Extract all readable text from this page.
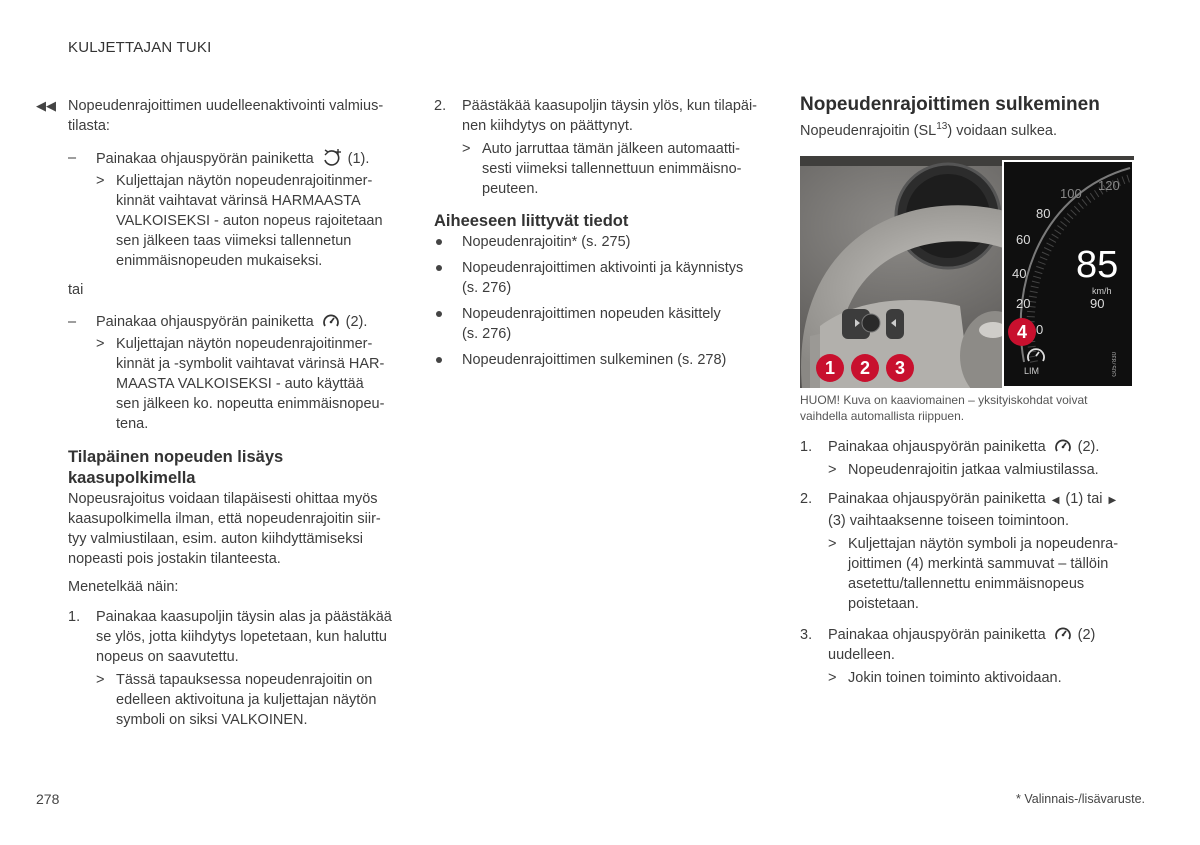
KULJETTAJAN TUKI
◀◀ Nopeudenrajoittimen uudelleenaktivointi valmius-
tilasta:
– Painakaa ohjauspyörän painiketta (1).
> Kuljettajan näytön nopeudenrajoitinmer-
kinnät vaihtavat värinsä HARMAASTA
VALKOISEKSI - auton nopeus rajoitetaan
sen jälkeen taas viimeksi tallennetun
enimmäisnopeuden mukaiseksi.
tai
– Painakaa ohjauspyörän painiketta (2).
> Kuljettajan näytön nopeudenrajoitinmer-
kinnät ja -symbolit vaihtavat värinsä HAR-
MAASTA VALKOISEKSI - auto käyttää
sen jälkeen ko. nopeutta enimmäisnopeu-
tena.
Tilapäinen nopeuden lisäys
kaasupolkimella
Nopeusrajoitus voidaan tilapäisesti ohittaa myös
kaasupolkimella ilman, että nopeudenrajoitin siir-
tyy valmiustilaan, esim. auton kiihdyttämiseksi
nopeasti pois jostakin tilanteesta.
Menetelkää näin:
1. Painakaa kaasupoljin täysin alas ja päästäkää
se ylös, jotta kiihdytys lopetetaan, kun haluttu
nopeus on saavutettu.
> Tässä tapauksessa nopeudenrajoitin on
edelleen aktivoituna ja kuljettajan näytön
symboli on siksi VALKOINEN.
2. Päästäkää kaasupoljin täysin ylös, kun tilapäi-
nen kiihdytys on päättynyt.
> Auto jarruttaa tämän jälkeen automaatti-
sesti viimeksi tallennettuun enimmäisno-
peuteen.
Aiheeseen liittyvät tiedot
Nopeudenrajoitin* (s. 275)
Nopeudenrajoittimen aktivointi ja käynnistys
(s. 276)
Nopeudenrajoittimen nopeuden käsittely
(s. 276)
Nopeudenrajoittimen sulkeminen (s. 278)
Nopeudenrajoittimen sulkeminen
Nopeudenrajoitin (SL$^{13}$) voidaan sulkea.
85
120
100
80
60
40
20
0
85
km/h
90
LIM	G057830
1	2	3
4
HUOM! Kuva on kaaviomainen – yksityiskohdat voivat
vaihdella automallista riippuen.
1. Painakaa ohjauspyörän painiketta (2).
> Nopeudenrajoitin jatkaa valmiustilassa.
2. Painakaa ohjauspyörän painiketta ◀ (1) tai ▶
(3) vaihtaaksenne toiseen toimintoon.
> Kuljettajan näytön symboli ja nopeudenra-
joittimen (4) merkintä sammuvat – tällöin
asetettu/tallennettu enimmäisnopeus
poistetaan.
3. Painakaa ohjauspyörän painiketta (2)
uudelleen.
> Jokin toinen toiminto aktivoidaan.
278	* Valinnais-/lisävaruste.
